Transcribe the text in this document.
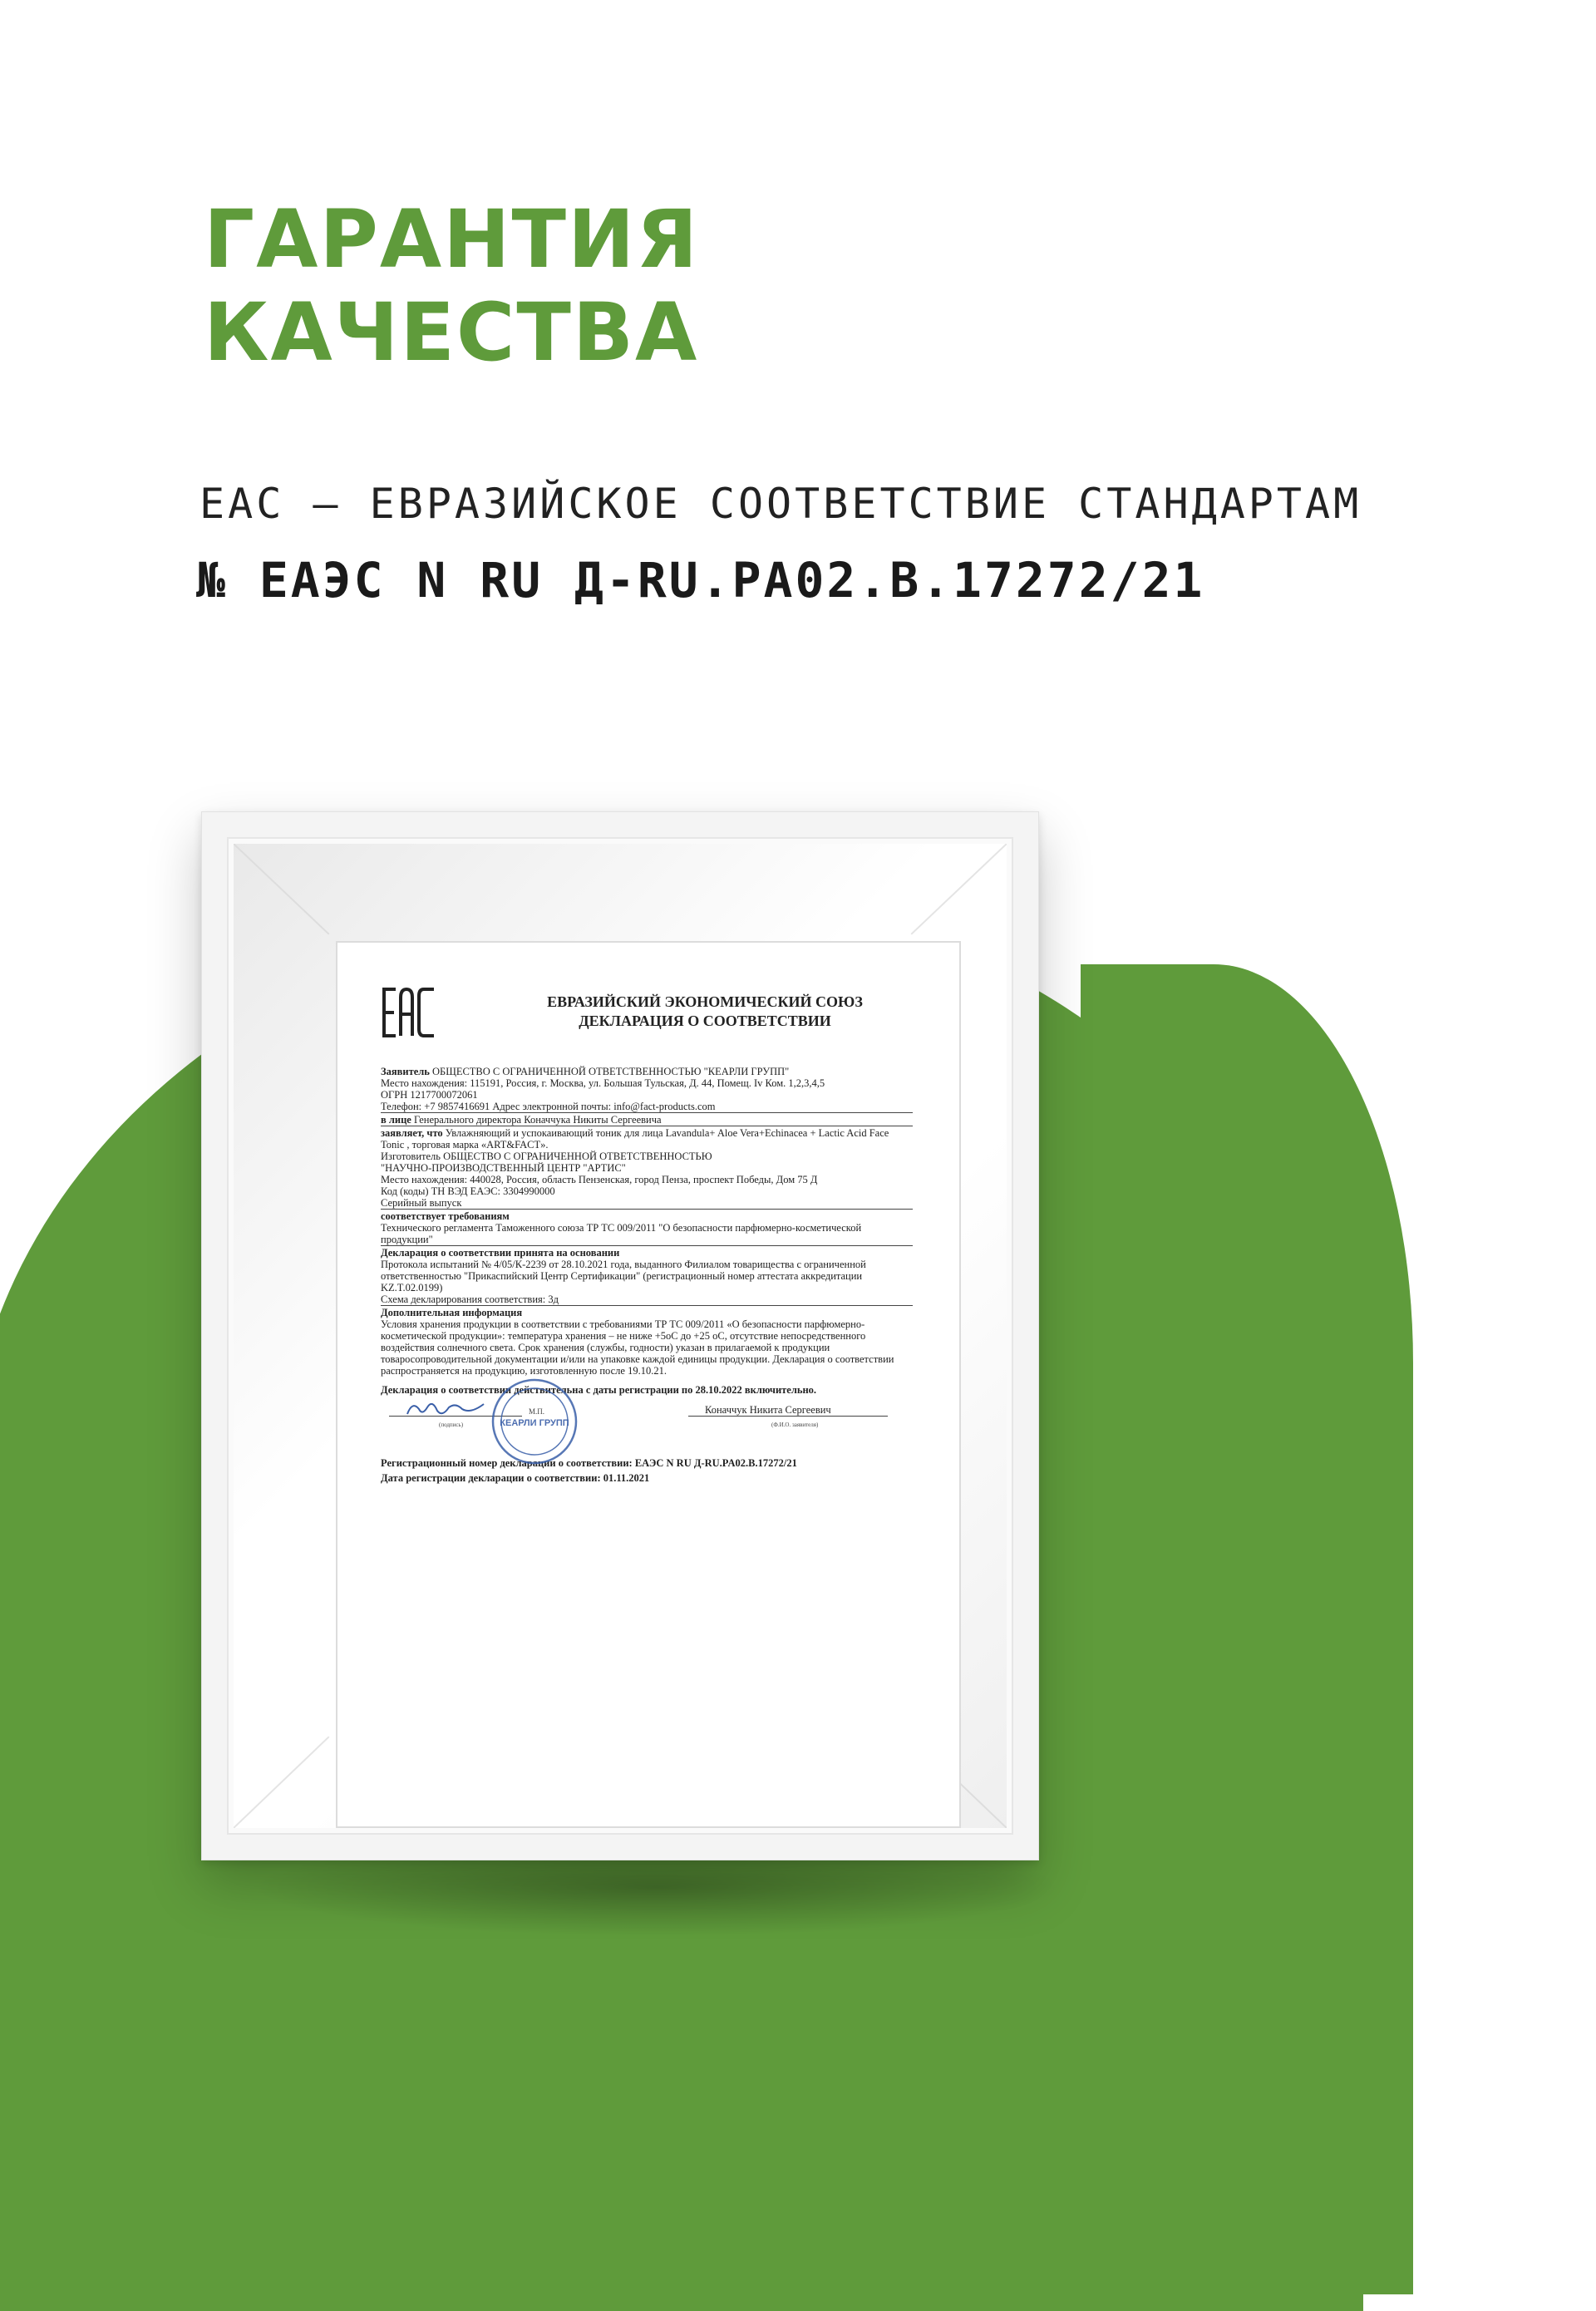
ГАРАНТИЯ
КАЧЕСТВА

EAC – ЕВРАЗИЙСКОЕ СООТВЕТСТВИЕ СТАНДАРТАМ

№ ЕАЭС N RU Д-RU.РА02.В.17272/21

ЕВРАЗИЙСКИЙ ЭКОНОМИЧЕСКИЙ СОЮЗ
ДЕКЛАРАЦИЯ О СООТВЕТСТВИИ

Заявитель ОБЩЕСТВО С ОГРАНИЧЕННОЙ ОТВЕТСТВЕННОСТЬЮ "КЕАРЛИ ГРУПП"

Место нахождения: 115191, Россия, г. Москва, ул. Большая Тульская, Д. 44, Помещ. Iv Ком. 1,2,3,4,5

ОГРН 1217700072061

Телефон: +7 9857416691 Адрес электронной почты: info@fact-products.com

в лице Генерального директора Коначчука Никиты Сергеевича

заявляет, что Увлажняющий и успокаивающий тоник для лица Lavandula+ Aloe Vera+Echinacea + Lactic Acid Face Tonic , торговая марка «ART&FACT».

Изготовитель ОБЩЕСТВО С ОГРАНИЧЕННОЙ ОТВЕТСТВЕННОСТЬЮ

"НАУЧНО-ПРОИЗВОДСТВЕННЫЙ ЦЕНТР "АРТИС"

Место нахождения: 440028, Россия, область Пензенская, город Пенза, проспект Победы, Дом 75 Д

Код (коды) ТН ВЭД ЕАЭС: 3304990000

Серийный выпуск

соответствует требованиям

Технического регламента Таможенного союза ТР ТС 009/2011 "О безопасности парфюмерно-косметической продукции"

Декларация о соответствии принята на основании

Протокола испытаний № 4/05/К-2239 от 28.10.2021 года, выданного Филиалом товарищества с ограниченной ответственностью "Прикаспийский Центр Сертификации" (регистрационный номер аттестата аккредитации KZ.T.02.0199)

Схема декларирования соответствия: 3д

Дополнительная информация

Условия хранения продукции в соответствии с требованиями ТР ТС 009/2011 «О безопасности парфюмерно-косметической продукции»: температура хранения – не ниже +5оС до +25 оС, отсутствие непосредственного воздействия солнечного света. Срок хранения (службы, годности) указан в прилагаемой к продукции товаросопроводительной документации и/или на упаковке каждой единицы продукции. Декларация о соответствии распространяется на продукцию, изготовленную после 19.10.21.

Декларация о соответствии действительна с даты регистрации по 28.10.2022 включительно.

(подпись)
М.П.	Коначчук Никита Сергеевич
(Ф.И.О. заявителя)
КЕАРЛИ ГРУПП

Регистрационный номер декларации о соответствии: ЕАЭС N RU Д-RU.PA02.B.17272/21

Дата регистрации декларации о соответствии: 01.11.2021
